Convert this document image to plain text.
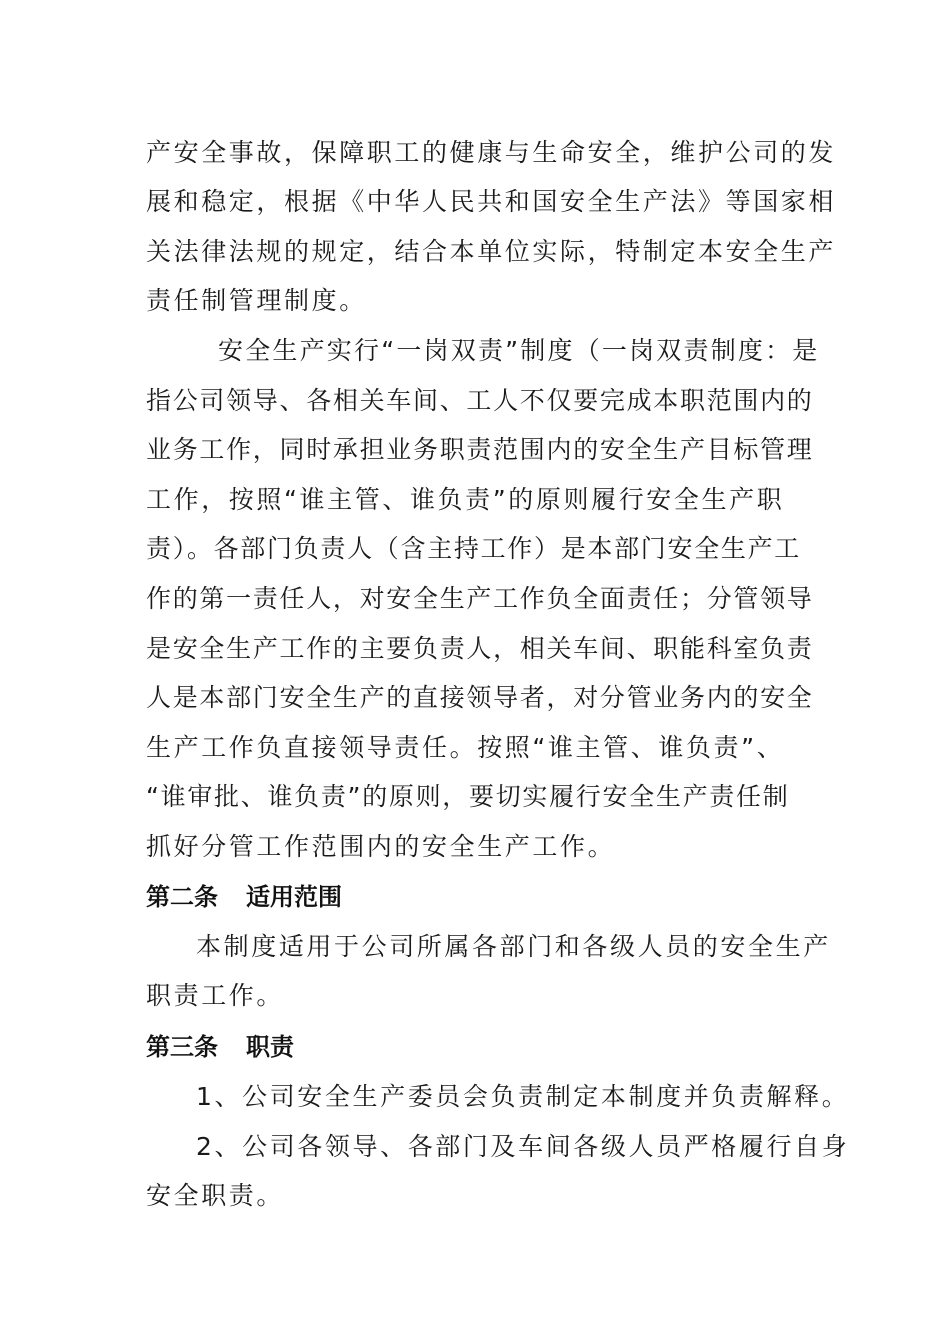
产安全事故，保障职工的健康与生命安全，维护公司的发
展和稳定，根据《中华人民共和国安全生产法》等国家相
关法律法规的规定，结合本单位实际，特制定本安全生产
责任制管理制度。
安全生产实行“一岗双责”制度（一岗双责制度：是
指公司领导、各相关车间、工人不仅要完成本职范围内的
业务工作，同时承担业务职责范围内的安全生产目标管理
工作，按照“谁主管、谁负责”的原则履行安全生产职
责）。各部门负责人（含主持工作）是本部门安全生产工
作的第一责任人，对安全生产工作负全面责任；分管领导
是安全生产工作的主要负责人，相关车间、职能科室负责
人是本部门安全生产的直接领导者，对分管业务内的安全
生产工作负直接领导责任。按照“谁主管、谁负责”、
“谁审批、谁负责”的原则，要切实履行安全生产责任制
抓好分管工作范围内的安全生产工作。
第二条 适用范围
本制度适用于公司所属各部门和各级人员的安全生产
职责工作。
第三条 职责
1、公司安全生产委员会负责制定本制度并负责解释。
2、公司各领导、各部门及车间各级人员严格履行自身
安全职责。
